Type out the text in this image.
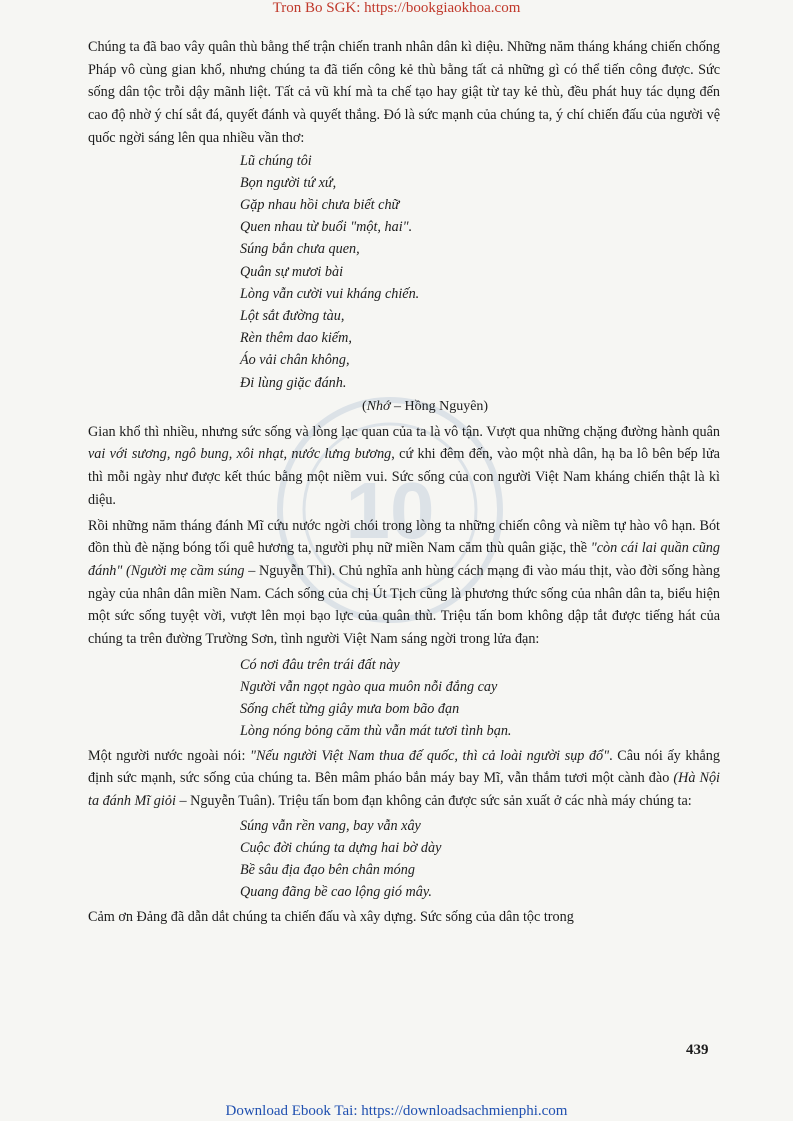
Tron Bo SGK: https://bookgiaokhoa.com
10

Chúng ta đã bao vây quân thù bằng thế trận chiến tranh nhân dân kì diệu. Những năm tháng kháng chiến chống Pháp vô cùng gian khổ, nhưng chúng ta đã tiến công kẻ thù bằng tất cả những gì có thể tiến công được. Sức sống dân tộc trỗi dậy mãnh liệt. Tất cả vũ khí mà ta chế tạo hay giật từ tay kẻ thù, đều phát huy tác dụng đến cao độ nhờ ý chí sắt đá, quyết đánh và quyết thắng. Đó là sức mạnh của chúng ta, ý chí chiến đấu của người vệ quốc ngời sáng lên qua nhiều vần thơ:

Lũ chúng tôi
Bọn người tứ xứ,
Gặp nhau hồi chưa biết chữ
Quen nhau từ buổi "một, hai".
Súng bắn chưa quen,
Quân sự mươi bài
Lòng vẫn cười vui kháng chiến.
Lột sắt đường tàu,
Rèn thêm dao kiếm,
Áo vải chân không,
Đi lùng giặc đánh.
(Nhớ – Hồng Nguyên)

Gian khổ thì nhiều, nhưng sức sống và lòng lạc quan của ta là vô tận. Vượt qua những chặng đường hành quân vai với sương, ngô bung, xôi nhạt, nước lưng bương, cứ khi đêm đến, vào một nhà dân, hạ ba lô bên bếp lửa thì mỗi ngày như được kết thúc bằng một niềm vui. Sức sống của con người Việt Nam kháng chiến thật là kì diệu.

Rồi những năm tháng đánh Mĩ cứu nước ngời chói trong lòng ta những chiến công và niềm tự hào vô hạn. Bót đồn thù đè nặng bóng tối quê hương ta, người phụ nữ miền Nam căm thù quân giặc, thề "còn cái lai quần cũng đánh" (Người mẹ cầm súng – Nguyễn Thi). Chủ nghĩa anh hùng cách mạng đi vào máu thịt, vào đời sống hàng ngày của nhân dân miền Nam. Cách sống của chị Út Tịch cũng là phương thức sống của nhân dân ta, biểu hiện một sức sống tuyệt vời, vượt lên mọi bạo lực của quân thù. Triệu tấn bom không dập tắt được tiếng hát của chúng ta trên đường Trường Sơn, tình người Việt Nam sáng ngời trong lửa đạn:

Có nơi đâu trên trái đất này
Người vẫn ngọt ngào qua muôn nỗi đắng cay
Sống chết từng giây mưa bom bão đạn
Lòng nóng bỏng căm thù vẫn mát tươi tình bạn.

Một người nước ngoài nói: "Nếu người Việt Nam thua đế quốc, thì cả loài người sụp đổ". Câu nói ấy khẳng định sức mạnh, sức sống của chúng ta. Bên mâm pháo bắn máy bay Mĩ, vẫn thắm tươi một cành đào (Hà Nội ta đánh Mĩ giỏi – Nguyễn Tuân). Triệu tấn bom đạn không cản được sức sản xuất ở các nhà máy chúng ta:

Súng vẫn rền vang, bay vẫn xây
Cuộc đời chúng ta dựng hai bờ dày
Bề sâu địa đạo bên chân móng
Quang đãng bề cao lộng gió mây.

Cảm ơn Đảng đã dẫn dắt chúng ta chiến đấu và xây dựng. Sức sống của dân tộc trong

439
Download Ebook Tai: https://downloadsachmienphi.com
